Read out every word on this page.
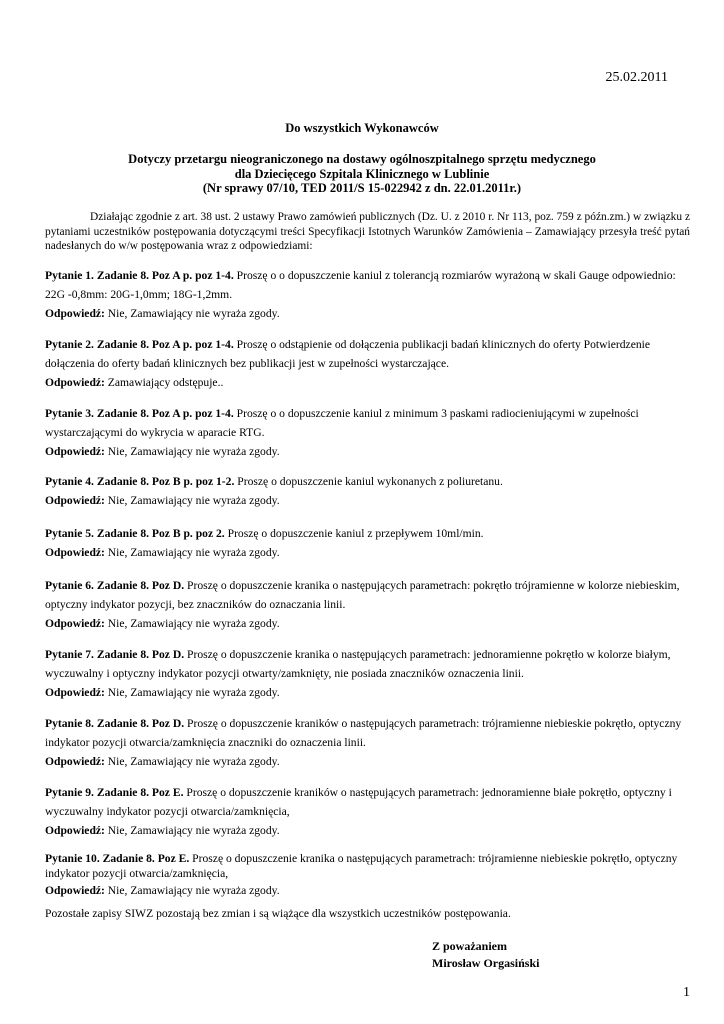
25.02.2011
Do wszystkich Wykonawców
Dotyczy przetargu nieograniczonego na dostawy ogólnoszpitalnego sprzętu medycznego
dla Dziecięcego Szpitala Klinicznego w Lublinie
(Nr sprawy 07/10, TED 2011/S 15-022942 z dn. 22.01.2011r.)
Działając zgodnie z art. 38 ust. 2 ustawy Prawo zamówień publicznych (Dz. U. z 2010 r. Nr 113, poz. 759 z późn.zm.) w związku z pytaniami uczestników postępowania dotyczącymi treści Specyfikacji Istotnych Warunków Zamówienia – Zamawiający przesyła treść pytań nadesłanych do w/w postępowania wraz z odpowiedziami:
Pytanie 1. Zadanie 8. Poz A p. poz 1-4. Proszę o o dopuszczenie kaniul z tolerancją rozmiarów wyrażoną w skali Gauge odpowiednio: 22G -0,8mm: 20G-1,0mm; 18G-1,2mm.
Odpowiedź: Nie, Zamawiający nie wyraża zgody.
Pytanie 2. Zadanie 8. Poz A p. poz 1-4. Proszę o odstąpienie od dołączenia publikacji badań klinicznych do oferty Potwierdzenie dołączenia do oferty badań klinicznych bez publikacji jest w zupełności wystarczające.
Odpowiedź: Zamawiający odstępuje..
Pytanie 3. Zadanie 8. Poz A p. poz 1-4. Proszę o o dopuszczenie kaniul z minimum 3 paskami radiocieniującymi w zupełności wystarczającymi do wykrycia w aparacie RTG.
Odpowiedź: Nie, Zamawiający nie wyraża zgody.
Pytanie 4. Zadanie 8. Poz B p. poz 1-2. Proszę o dopuszczenie kaniul wykonanych z poliuretanu.
Odpowiedź: Nie, Zamawiający nie wyraża zgody.
Pytanie 5. Zadanie 8. Poz B p. poz 2. Proszę o dopuszczenie kaniul z przepływem 10ml/min.
Odpowiedź: Nie, Zamawiający nie wyraża zgody.
Pytanie 6. Zadanie 8. Poz D. Proszę o dopuszczenie kranika o następujących parametrach: pokrętło trójramienne w kolorze niebieskim, optyczny indykator pozycji, bez znaczników do oznaczania linii.
Odpowiedź: Nie, Zamawiający nie wyraża zgody.
Pytanie 7. Zadanie 8. Poz D. Proszę o dopuszczenie kranika o następujących parametrach: jednoramienne pokrętło w kolorze białym, wyczuwalny i optyczny indykator pozycji otwarty/zamknięty, nie posiada znaczników oznaczenia linii.
Odpowiedź: Nie, Zamawiający nie wyraża zgody.
Pytanie 8. Zadanie 8. Poz D. Proszę o dopuszczenie kraników o następujących parametrach: trójramienne niebieskie pokrętło, optyczny indykator pozycji otwarcia/zamknięcia znaczniki do oznaczenia linii.
Odpowiedź: Nie, Zamawiający nie wyraża zgody.
Pytanie 9. Zadanie 8. Poz E. Proszę o dopuszczenie kraników o następujących parametrach: jednoramienne białe pokrętło, optyczny i wyczuwalny indykator pozycji otwarcia/zamknięcia,
Odpowiedź: Nie, Zamawiający nie wyraża zgody.
Pytanie 10. Zadanie 8. Poz E. Proszę o dopuszczenie kranika o następujących parametrach: trójramienne niebieskie pokrętło, optyczny indykator pozycji otwarcia/zamknięcia,
Odpowiedź: Nie, Zamawiający nie wyraża zgody.
Pozostałe zapisy SIWZ pozostają bez zmian i są wiążące dla wszystkich uczestników postępowania.
Z poważaniem
Mirosław Orgasiński
1
